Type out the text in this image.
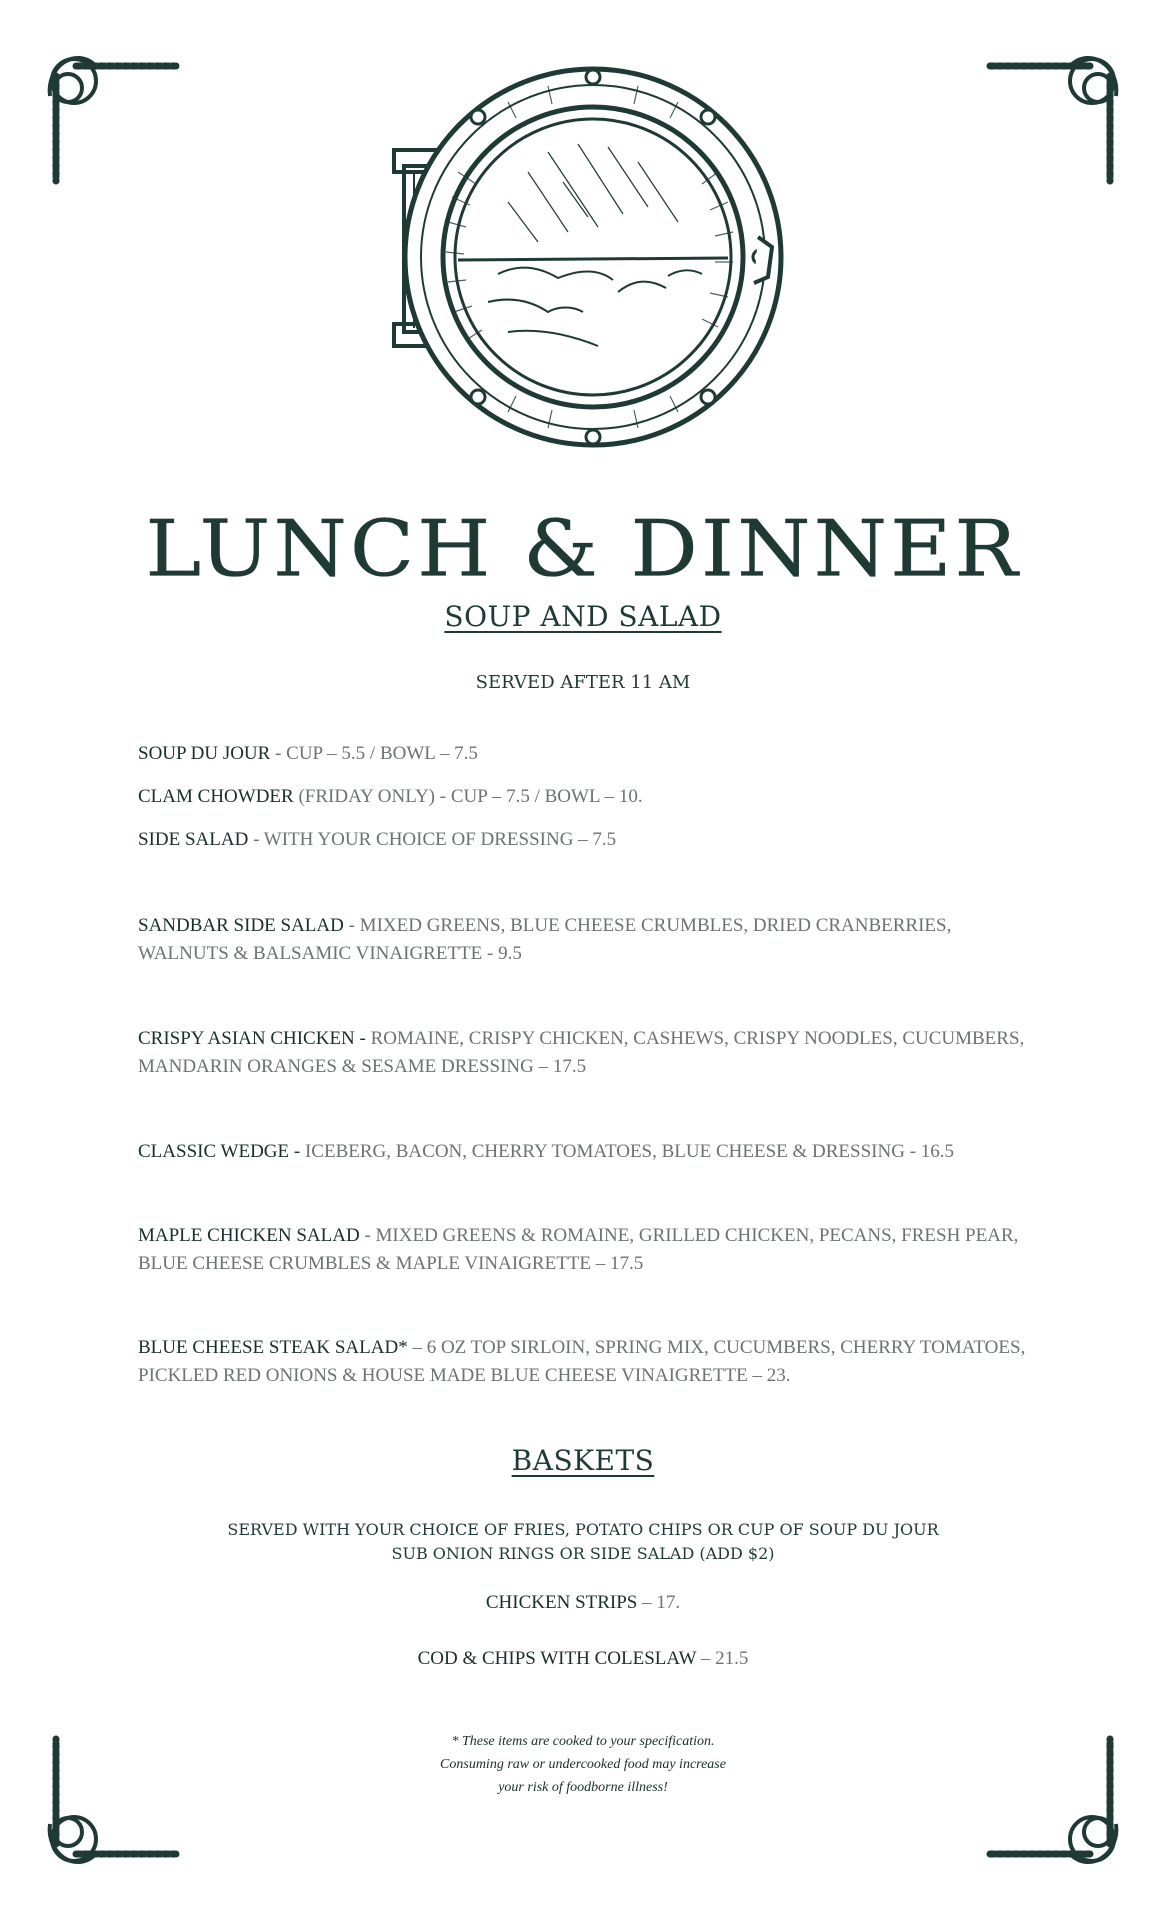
LUNCH & DINNER
SOUP AND SALAD
SERVED AFTER 11 AM
SOUP DU JOUR - CUP – 5.5 / BOWL – 7.5
CLAM CHOWDER (FRIDAY ONLY) - CUP – 7.5 / BOWL – 10.
SIDE SALAD - WITH YOUR CHOICE OF DRESSING – 7.5
SANDBAR SIDE SALAD - MIXED GREENS, BLUE CHEESE CRUMBLES, DRIED CRANBERRIES, WALNUTS & BALSAMIC VINAIGRETTE - 9.5
CRISPY ASIAN CHICKEN - ROMAINE, CRISPY CHICKEN, CASHEWS, CRISPY NOODLES, CUCUMBERS, MANDARIN ORANGES & SESAME DRESSING – 17.5
CLASSIC WEDGE - ICEBERG, BACON, CHERRY TOMATOES, BLUE CHEESE & DRESSING - 16.5
MAPLE CHICKEN SALAD - MIXED GREENS & ROMAINE, GRILLED CHICKEN, PECANS, FRESH PEAR, BLUE CHEESE CRUMBLES & MAPLE VINAIGRETTE – 17.5
BLUE CHEESE STEAK SALAD* – 6 OZ TOP SIRLOIN, SPRING MIX, CUCUMBERS, CHERRY TOMATOES, PICKLED RED ONIONS & HOUSE MADE BLUE CHEESE VINAIGRETTE – 23.
BASKETS
SERVED WITH YOUR CHOICE OF FRIES, POTATO CHIPS OR CUP OF SOUP DU JOUR
SUB ONION RINGS OR SIDE SALAD (ADD $2)
CHICKEN STRIPS – 17.
COD & CHIPS WITH COLESLAW – 21.5
* These items are cooked to your specification.
Consuming raw or undercooked food may increase
your risk of foodborne illness!
